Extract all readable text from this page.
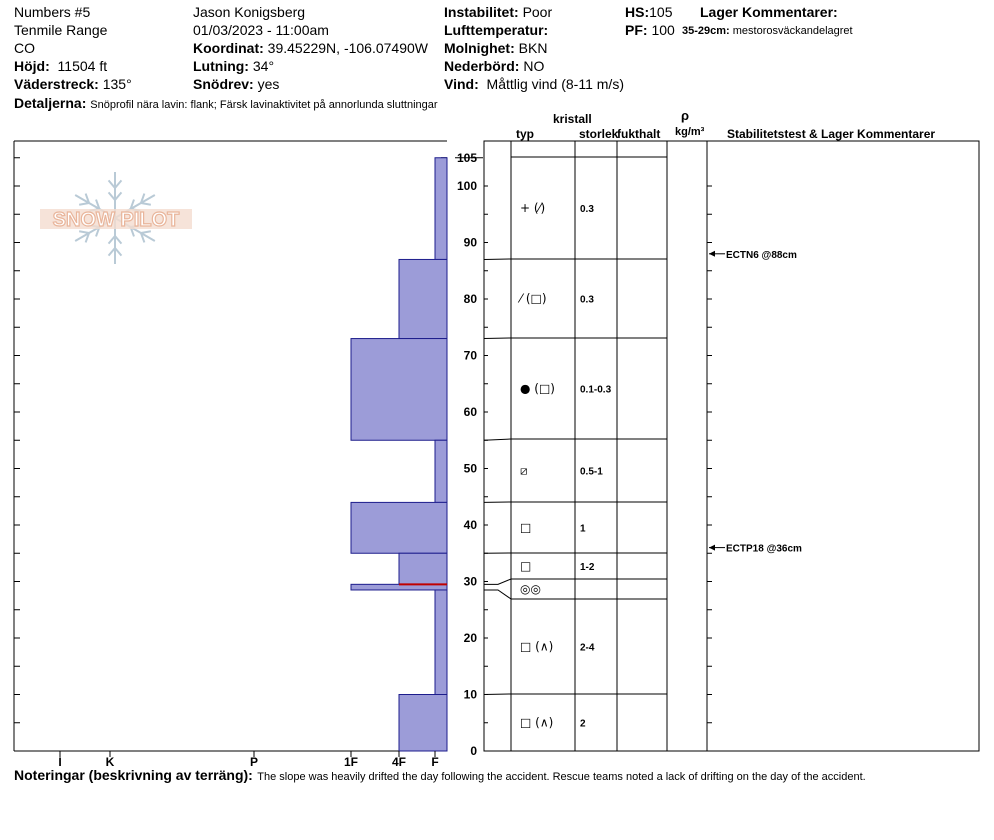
Numbers #5
Tenmile Range
CO
Höjd: 11504 ft
Väderstreck: 135°
Detaljerna: Snöprofil nära lavin: flank; Färsk lavinaktivitet på annorlunda sluttningar
Jason Konigsberg
01/03/2023 - 11:00am
Koordinat: 39.45229N, -106.07490W
Lutning: 34°
Snödrev: yes
Instabilitet: Poor
Lufttemperatur:
Molnighet: BKN
Nederbörd: NO
Vind: Måttlig vind (8-11 m/s)
HS:105
PF: 100
Lager Kommentarer:
35-29cm: mestorosväckandelagret
kristall
typ	storlek
fukthalt
ρ
kg/m³ Stabilitetstest & Lager Kommentarer
SNOW PILOT
I	K	P	1F	4F F
0
10
20
30
40
50
60
70
80
90
100
105
+ (⁄)	0.3
⁄ (□)	0.3
● (□)	0.1-0.3
⧄	0.5-1
□	1
□	1-2
◎◎
□ (∧)	2-4
□ (∧)	2
ECTN6 @88cm
ECTP18 @36cm
Noteringar (beskrivning av terräng): The slope was heavily drifted the day following the accident. Rescue teams noted a lack of drifting on the day of the accident.
